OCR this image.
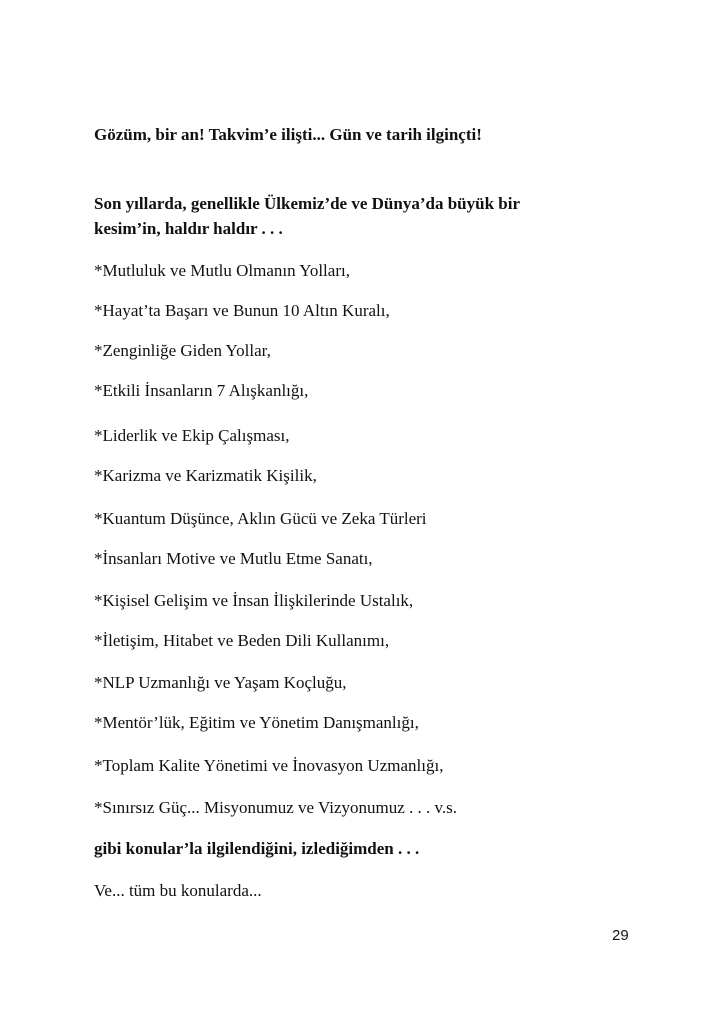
Gözüm, bir an! Takvim’e ilişti... Gün ve tarih ilginçti!
Son yıllarda, genellikle Ülkemiz’de ve Dünya’da büyük bir
kesim’in, haldır haldır . . .
*Mutluluk ve Mutlu Olmanın Yolları,
*Hayat’ta Başarı ve Bunun 10 Altın Kuralı,
*Zenginliğe Giden Yollar,
*Etkili İnsanların 7 Alışkanlığı,
*Liderlik ve Ekip Çalışması,
*Karizma ve Karizmatik Kişilik,
*Kuantum Düşünce, Aklın Gücü ve Zeka Türleri
*İnsanları Motive ve Mutlu Etme Sanatı,
*Kişisel Gelişim ve İnsan İlişkilerinde Ustalık,
*İletişim, Hitabet ve Beden Dili Kullanımı,
*NLP Uzmanlığı ve Yaşam Koçluğu,
*Mentör’lük, Eğitim ve Yönetim Danışmanlığı,
*Toplam Kalite Yönetimi ve İnovasyon Uzmanlığı,
*Sınırsız Güç... Misyonumuz ve Vizyonumuz . . . v.s.
gibi konular’la ilgilendiğini, izlediğimden . . .
Ve... tüm bu konularda...
29
